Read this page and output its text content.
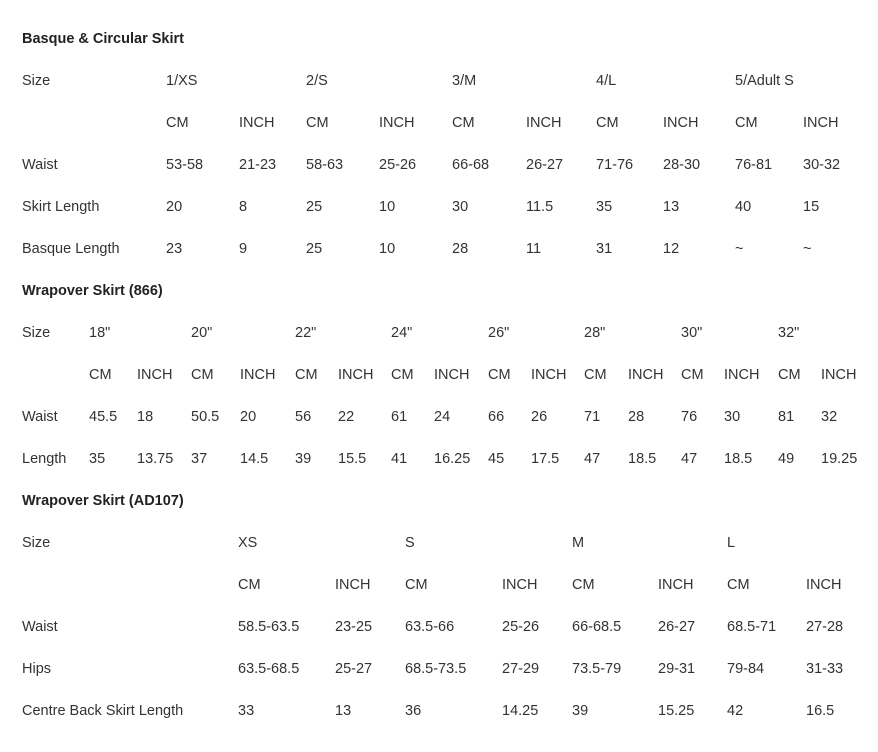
Basque & Circular Skirt
Size	1/XS	2/S	3/M	4/L	5/Adult S
CM	INCH CM	INCH	CM	INCH CM	INCH	CM	INCH
Waist	53-58 21-23 58-63 25-26 66-68	26-27 71-76 28-30 76-81 30-32
Skirt Length	20	8	25	10	30	11.5	35	13	40	15
Basque Length	23	9	25	10	28	11	31	12	~	~
Wrapover Skirt (866)
Size	18"	20"	22"	24"	26"	28"	30"	32"
CM INCH CM INCH CM INCH CM INCH CM INCH CM INCH CM INCH CM INCH
Waist 45.5 18	50.5 20	56 22	61 24	66 26	71 28	76 30	81 32
Length 35 13.75 37 14.5 39 15.5 41 16.25 45 17.5 47 18.5 47 18.5 49 19.25
Wrapover Skirt (AD107)
Size	XS	S	M	L
CM	INCH CM	INCH CM	INCH CM	INCH
Waist	58.5-63.5 23-25 63.5-66	25-26 66-68.5	26-27 68.5-71 27-28
Hips	63.5-68.5 25-27 68.5-73.5 27-29 73.5-79	29-31 79-84	31-33
Centre Back Skirt Length	33	13	36	14.25 39	15.25 42	16.5
